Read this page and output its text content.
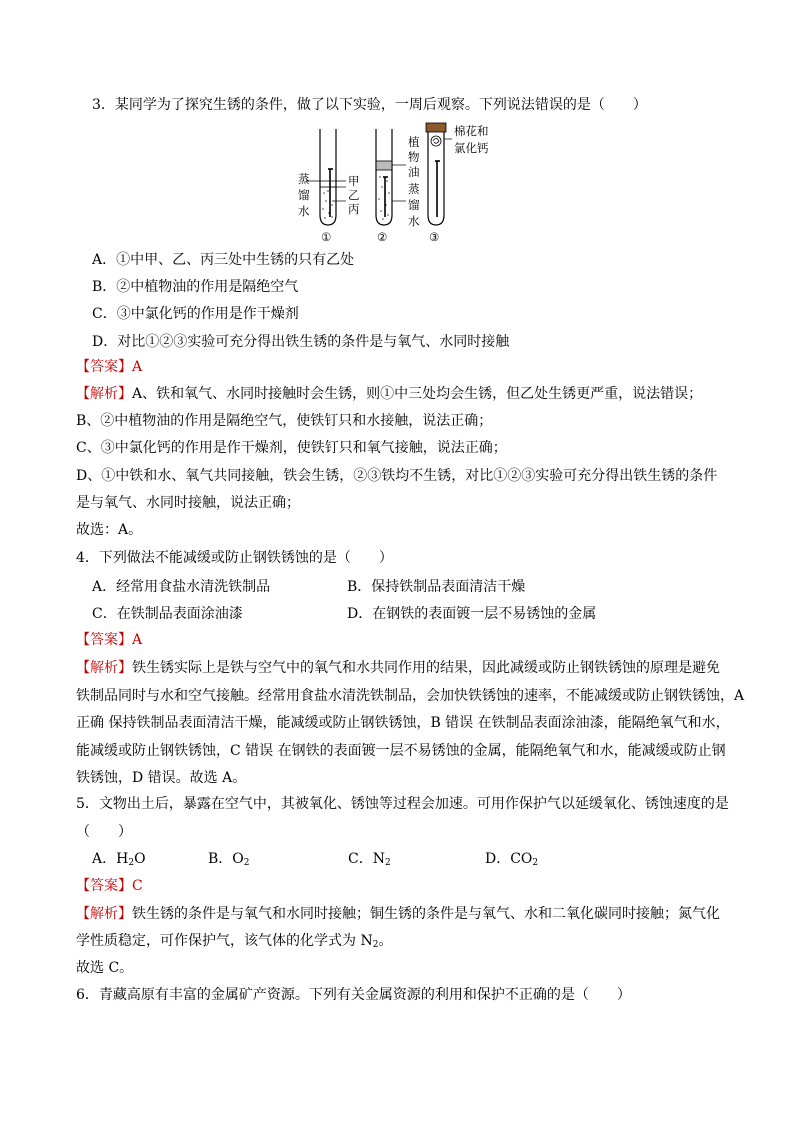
3．某同学为了探究生锈的条件，做了以下实验，一周后观察。下列说法错误的是（　　）
蒸
馏
水
甲
乙
丙
①
植
物
油
蒸
馏
水
②
棉花和
氯化钙
③
A．①中甲、乙、丙三处中生锈的只有乙处
B．②中植物油的作用是隔绝空气
C．③中氯化钙的作用是作干燥剂
D．对比①②③实验可充分得出铁生锈的条件是与氧气、水同时接触
【答案】A
【解析】A、铁和氧气、水同时接触时会生锈，则①中三处均会生锈，但乙处生锈更严重，说法错误；
B、②中植物油的作用是隔绝空气，使铁钉只和水接触，说法正确；
C、③中氯化钙的作用是作干燥剂，使铁钉只和氧气接触，说法正确；
D、①中铁和水、氧气共同接触，铁会生锈，②③铁均不生锈，对比①②③实验可充分得出铁生锈的条件
是与氧气、水同时接触，说法正确；
故选：A。
4．下列做法不能减缓或防止钢铁锈蚀的是（　　）
A．经常用食盐水清洗铁制品	B．保持铁制品表面清洁干燥
C．在铁制品表面涂油漆	D．在钢铁的表面镀一层不易锈蚀的金属
【答案】A
【解析】铁生锈实际上是铁与空气中的氧气和水共同作用的结果，因此减缓或防止钢铁锈蚀的原理是避免
铁制品同时与水和空气接触。经常用食盐水清洗铁制品，会加快铁锈蚀的速率，不能减缓或防止钢铁锈蚀，A
正确 保持铁制品表面清洁干燥，能减缓或防止钢铁锈蚀，B 错误 在铁制品表面涂油漆，能隔绝氧气和水，
能减缓或防止钢铁锈蚀，C 错误 在钢铁的表面镀一层不易锈蚀的金属，能隔绝氧气和水，能减缓或防止钢
铁锈蚀，D 错误。故选 A。
5．文物出土后，暴露在空气中，其被氧化、锈蚀等过程会加速。可用作保护气以延缓氧化、锈蚀速度的是
（　　）
A．$H_2O$	B．$O_2$	C．$N_2$	D．$CO_2$
【答案】C
【解析】铁生锈的条件是与氧气和水同时接触；铜生锈的条件是与氧气、水和二氧化碳同时接触；氮气化
学性质稳定，可作保护气，该气体的化学式为 $N_2$。
故选 C。
6．青藏高原有丰富的金属矿产资源。下列有关金属资源的利用和保护不正确的是（　　）
